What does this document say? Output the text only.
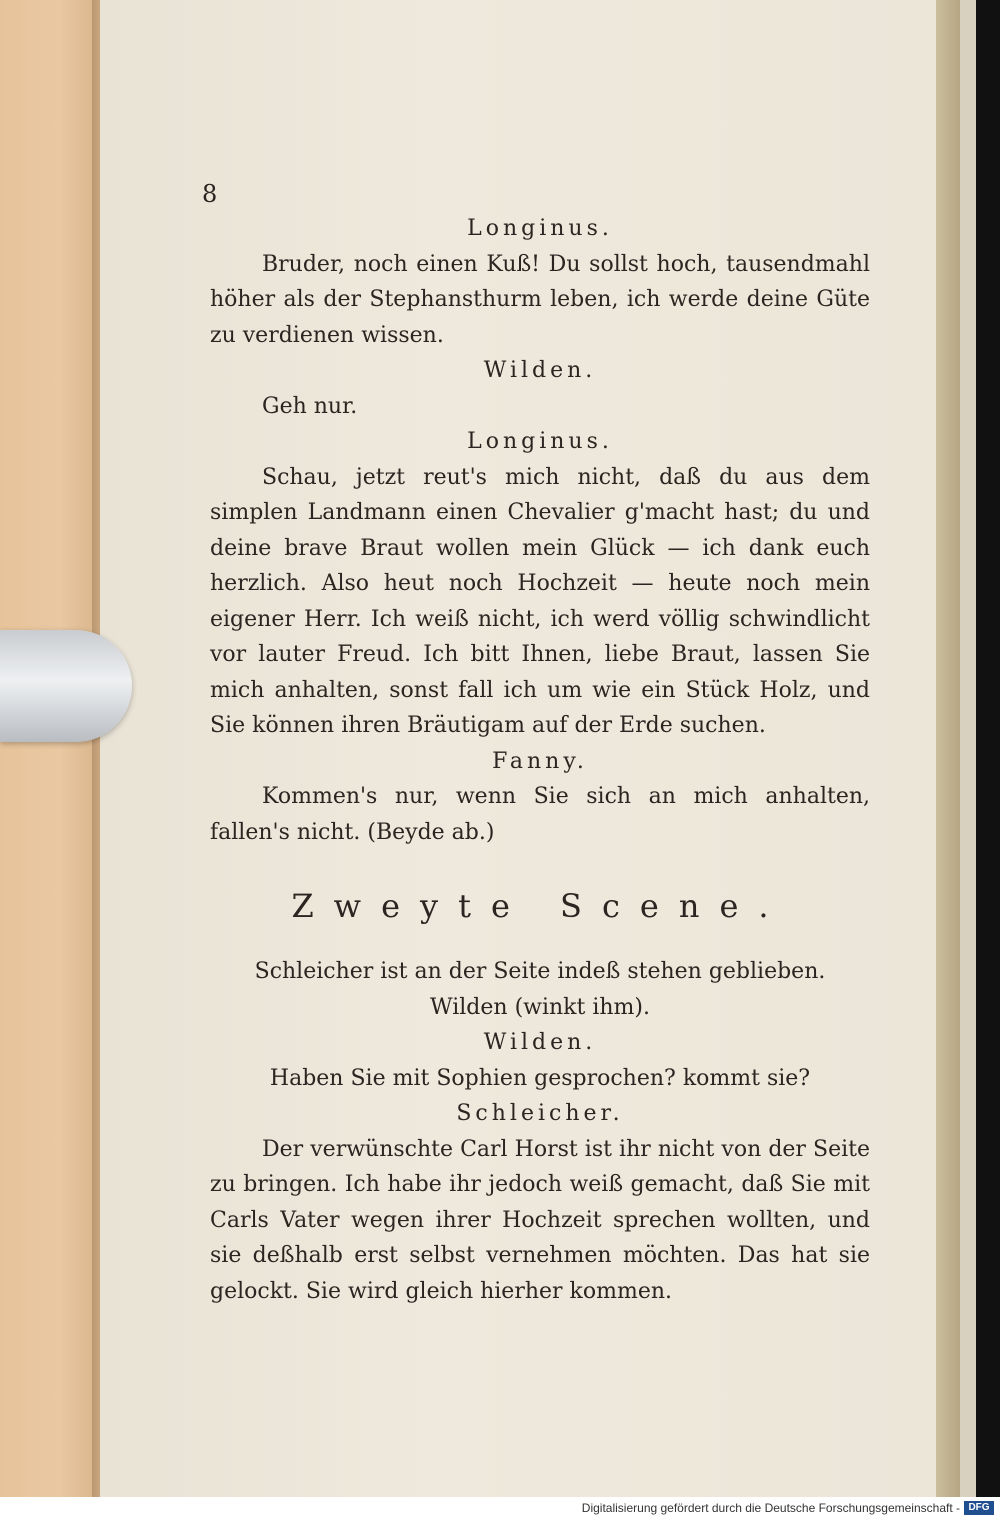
8

Longinus.

Bruder, noch einen Kuß! Du sollst hoch, tausendmahl höher als der Stephansthurm leben, ich werde deine Güte zu verdienen wissen.

Wilden.

Geh nur.

Longinus.

Schau, jetzt reut's mich nicht, daß du aus dem simplen Landmann einen Chevalier g'macht hast; du und deine brave Braut wollen mein Glück — ich dank euch herzlich. Also heut noch Hochzeit — heute noch mein eigener Herr. Ich weiß nicht, ich werd völlig schwindlicht vor lauter Freud. Ich bitt Ihnen, liebe Braut, lassen Sie mich anhalten, sonst fall ich um wie ein Stück Holz, und Sie können ihren Bräutigam auf der Erde suchen.

Fanny.

Kommen's nur, wenn Sie sich an mich anhalten, fallen's nicht. (Beyde ab.)

Zweyte Scene.

Schleicher ist an der Seite indeß stehen geblieben.

Wilden (winkt ihm).

Wilden.

Haben Sie mit Sophien gesprochen? kommt sie?

Schleicher.

Der verwünschte Carl Horst ist ihr nicht von der Seite zu bringen. Ich habe ihr jedoch weiß gemacht, daß Sie mit Carls Vater wegen ihrer Hochzeit sprechen wollten, und sie deßhalb erst selbst vernehmen möchten. Das hat sie gelockt. Sie wird gleich hierher kommen.

Digitalisierung gefördert durch die Deutsche Forschungsgemeinschaft - DFG
